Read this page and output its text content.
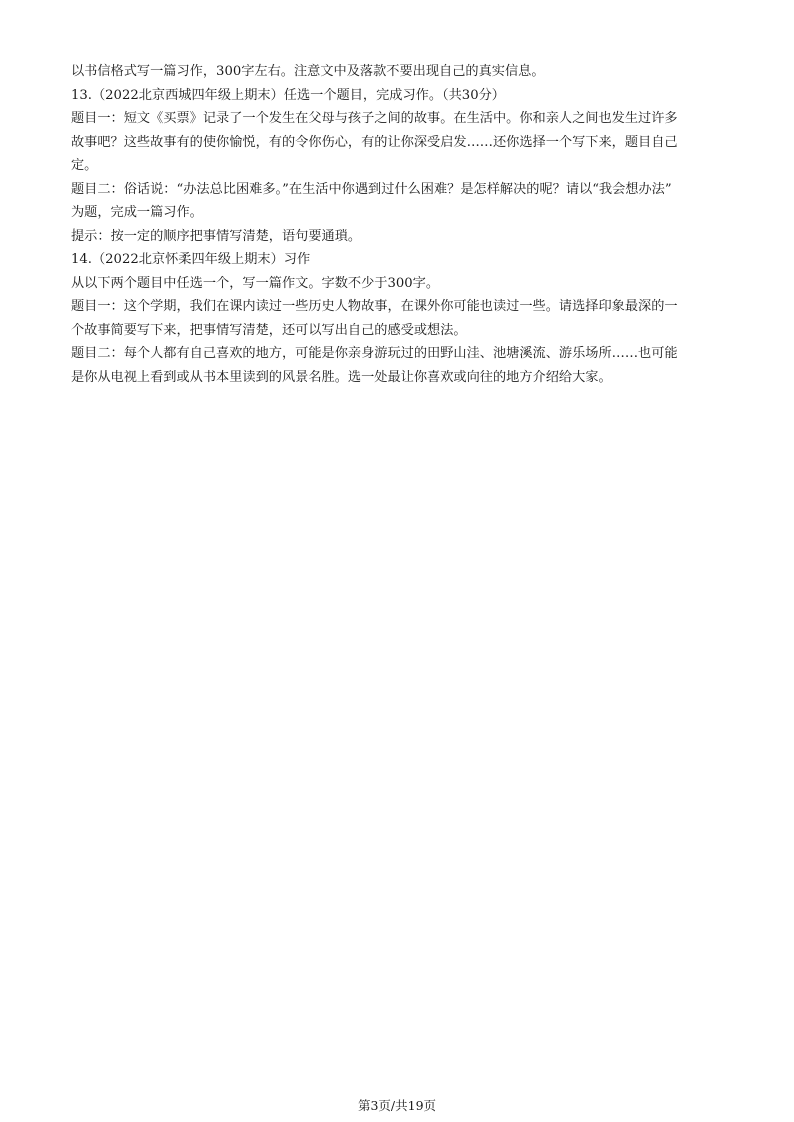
以书信格式写一篇习作，300字左右。注意文中及落款不要出现自己的真实信息。
13.（2022北京西城四年级上期末）任选一个题目，完成习作。（共30分）
题目一：短文《买票》记录了一个发生在父母与孩子之间的故事。在生活中。你和亲人之间也发生过许多
故事吧？这些故事有的使你愉悦，有的令你伤心，有的让你深受启发……还你选择一个写下来，题目自己
定。
题目二：俗话说：“办法总比困难多。”在生活中你遇到过什么困难？是怎样解决的呢？请以“我会想办法”
为题，完成一篇习作。
提示：按一定的顺序把事情写清楚，语句要通瑣。
14.（2022北京怀柔四年级上期末）习作
从以下两个题目中任选一个，写一篇作文。字数不少于300字。
题目一：这个学期，我们在课内读过一些历史人物故事，在课外你可能也读过一些。请选择印象最深的一
个故事简要写下来，把事情写清楚，还可以写出自己的感受或想法。
题目二：每个人都有自己喜欢的地方，可能是你亲身游玩过的田野山洼、池塘溪流、游乐场所……也可能
是你从电视上看到或从书本里读到的风景名胜。选一处最让你喜欢或向往的地方介绍给大家。
第3页/共19页
